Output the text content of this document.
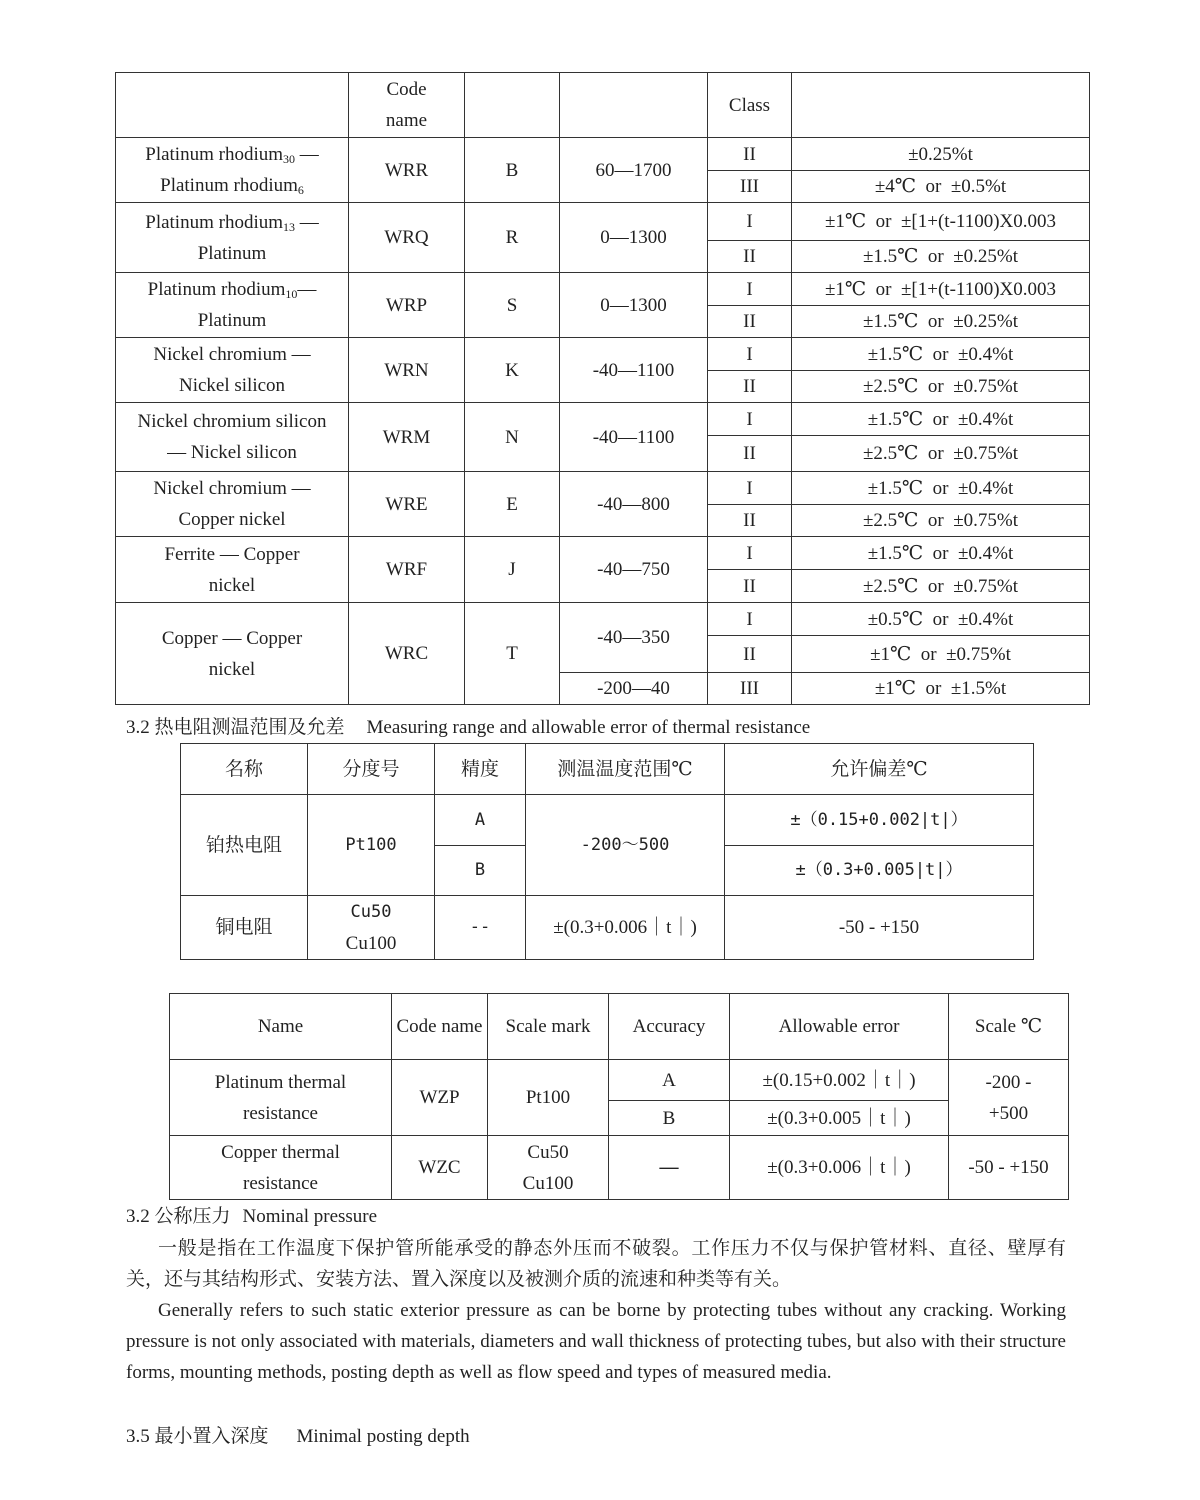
	Code
name			Class	
Platinum rhodium$_{30}$ —
Platinum rhodium$_6$	WRR	B	60—1700	II	±0.25%t
				III	±4℃  or  ±0.5%t
Platinum rhodium$_{13}$ —
Platinum	WRQ	R	0—1300	I	±1℃  or  ±[1+(t-1100)X0.003
				II	±1.5℃  or  ±0.25%t
Platinum rhodium$_{10}$—
Platinum	WRP	S	0—1300	I	±1℃  or  ±[1+(t-1100)X0.003
				II	±1.5℃  or  ±0.25%t
Nickel chromium —
Nickel silicon	WRN	K	-40—1100	I	±1.5℃  or  ±0.4%t
				II	±2.5℃  or  ±0.75%t
Nickel chromium silicon
— Nickel silicon	WRM	N	-40—1100	I	±1.5℃  or  ±0.4%t
				II	±2.5℃  or  ±0.75%t
Nickel chromium —
Copper nickel	WRE	E	-40—800	I	±1.5℃  or  ±0.4%t
				II	±2.5℃  or  ±0.75%t
Ferrite — Copper
nickel	WRF	J	-40—750	I	±1.5℃  or  ±0.4%t
				II	±2.5℃  or  ±0.75%t
Copper — Copper
nickel	WRC	T	-40—350	I	±0.5℃  or  ±0.4%t
				II	±1℃  or  ±0.75%t
			-200—40	III	±1℃  or  ±1.5%t
3.2 热电阻测温范围及允差 Measuring range and allowable error of thermal resistance
名称	分度号	精度	测温温度范围℃	允许偏差℃
铂热电阻	Pt100	A	-200～500	±（0.15+0.002|t|）
		B		±（0.3+0.005|t|）
铜电阻	Cu50
Cu100	--	±(0.3+0.006｜t｜)	-50 - +150
Name	Code name	Scale mark	Accuracy	Allowable error	Scale ℃
Platinum thermal
resistance	WZP	Pt100	A	±(0.15+0.002｜t｜)	-200 -
+500
			B	±(0.3+0.005｜t｜)	
Copper thermal
resistance	WZC	Cu50
Cu100	—	±(0.3+0.006｜t｜)	-50 - +150
3.2 公称压力 Nominal pressure
一般是指在工作温度下保护管所能承受的静态外压而不破裂。工作压力不仅与保护管材料、直径、壁厚有关，还与其结构形式、安装方法、置入深度以及被测介质的流速和种类等有关。
Generally refers to such static exterior pressure as can be borne by protecting tubes without any cracking. Working pressure is not only associated with materials, diameters and wall thickness of protecting tubes, but also with their structure forms, mounting methods, posting depth as well as flow speed and types of measured media.
3.5 最小置入深度 Minimal posting depth
